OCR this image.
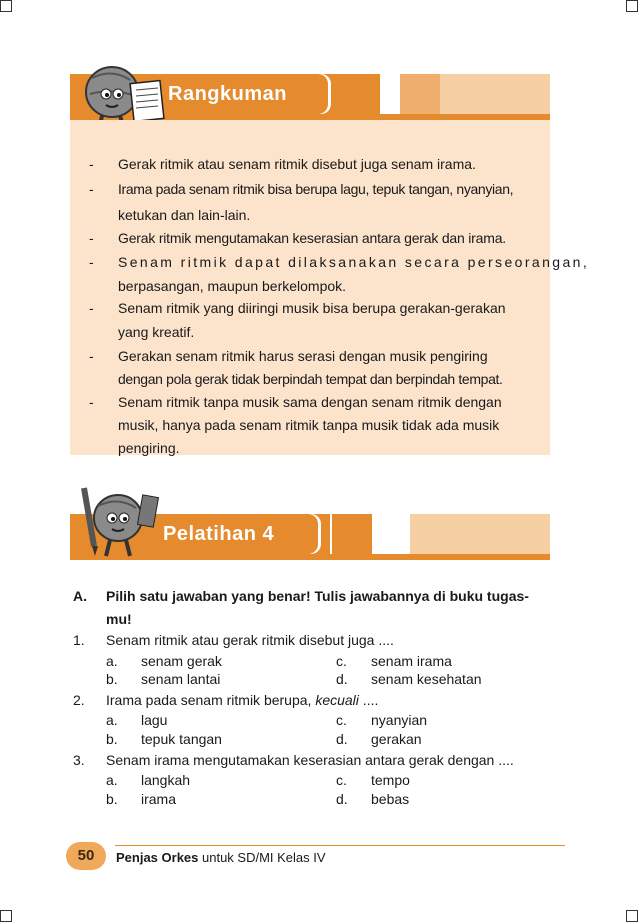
Rangkuman
Gerak ritmik atau senam ritmik disebut juga senam irama.
Irama pada senam ritmik bisa berupa lagu, tepuk tangan, nyanyian,
ketukan dan lain-lain.
Gerak ritmik mengutamakan keserasian antara gerak dan irama.
Senam ritmik dapat dilaksanakan secara perseorangan,
berpasangan, maupun berkelompok.
Senam ritmik yang diiringi musik bisa berupa gerakan-gerakan
yang kreatif.
Gerakan senam ritmik harus serasi dengan musik pengiring
dengan pola gerak tidak berpindah tempat dan berpindah tempat.
Senam ritmik tanpa musik sama dengan senam ritmik dengan
musik, hanya pada senam ritmik tanpa musik tidak ada musik
pengiring.
-
-
-
-
-
-
-
Pelatihan 4
A. Pilih satu jawaban yang benar! Tulis jawabannya di buku tugas-
mu!
1. Senam ritmik atau gerak ritmik disebut juga ....
a. senam gerak	c. senam irama
b. senam lantai	d. senam kesehatan
2. Irama pada senam ritmik berupa, kecuali ....
a. lagu	c. nyanyian
b. tepuk tangan	d. gerakan
3. Senam irama mengutamakan keserasian antara gerak dengan ....
a. langkah	c. tempo
b. irama	d. bebas
50	Penjas Orkes untuk SD/MI Kelas IV
